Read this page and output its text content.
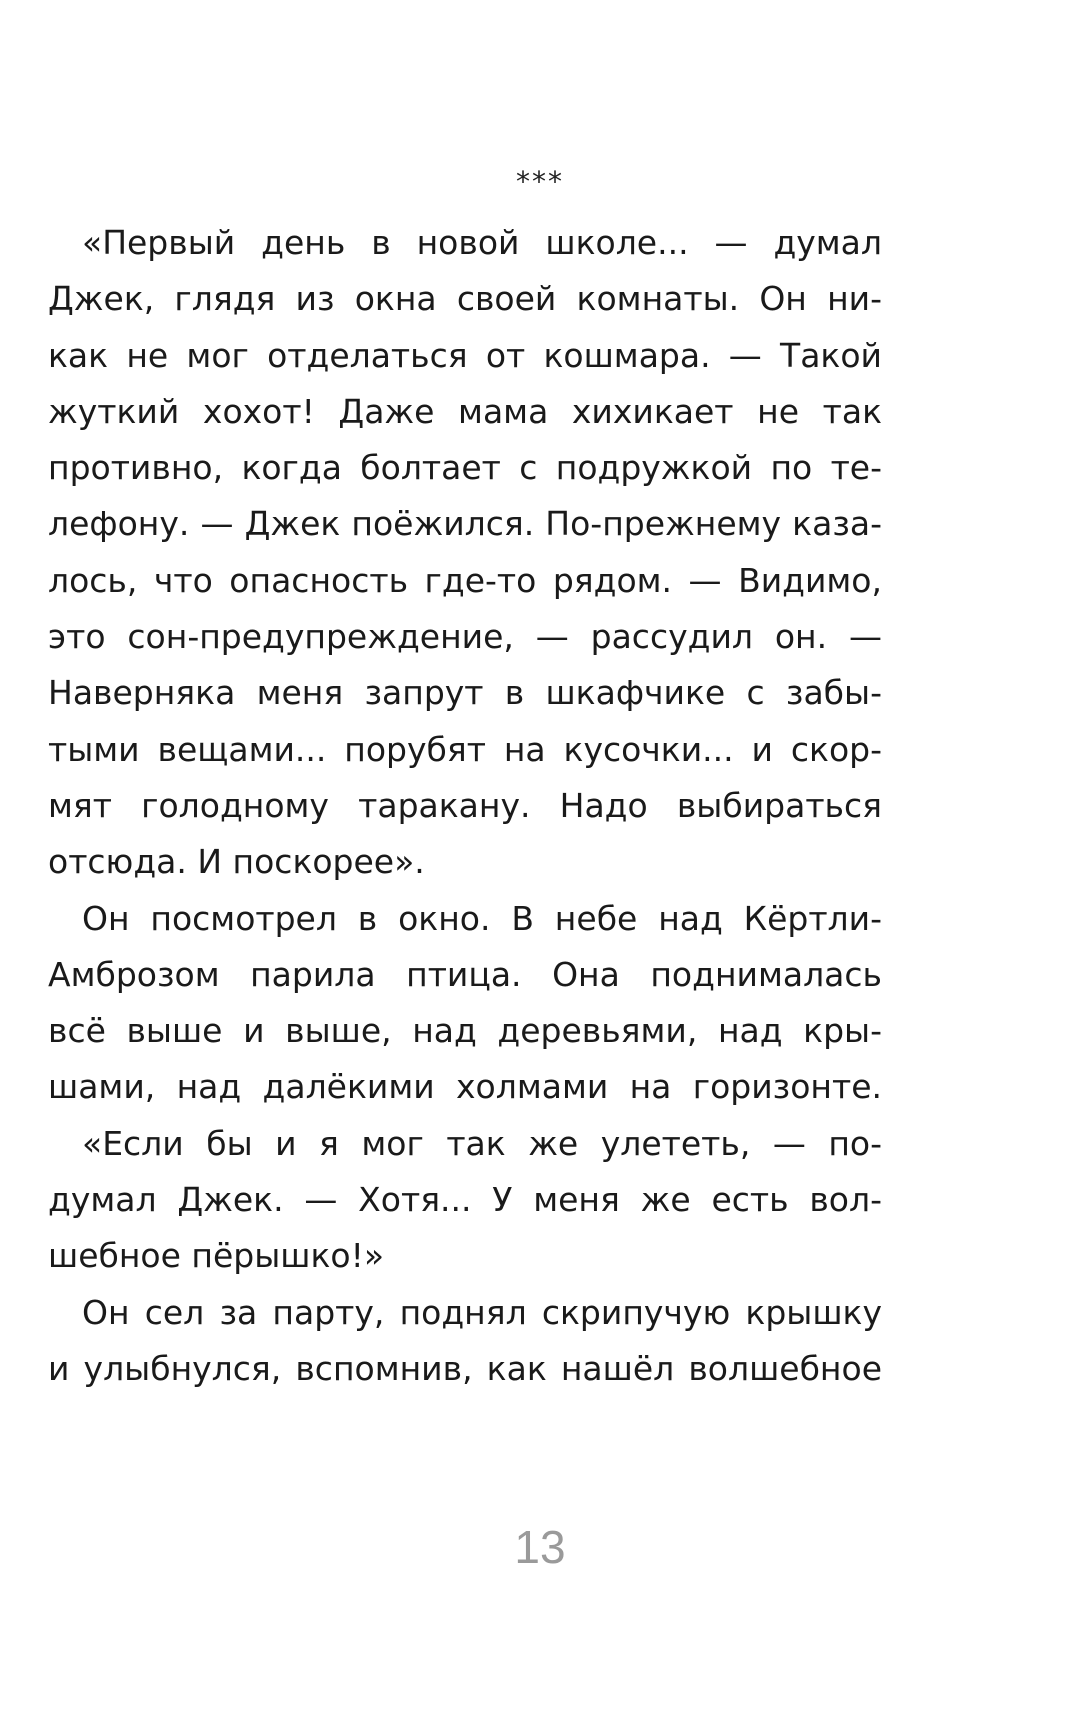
***
«Первый день в новой школе... — думал
Джек, глядя из окна своей комнаты. Он ни-
как не мог отделаться от кошмара. — Такой
жуткий хохот! Даже мама хихикает не так
противно, когда болтает с подружкой по те-
лефону. — Джек поёжился. По-прежнему каза-
лось, что опасность где-то рядом. — Видимо,
это сон-предупреждение, — рассудил он. —
Наверняка меня запрут в шкафчике с забы-
тыми вещами... порубят на кусочки... и скор-
мят голодному таракану. Надо выбираться
отсюда. И поскорее».
Он посмотрел в окно. В небе над Кёртли-
Амброзом парила птица. Она поднималась
всё выше и выше, над деревьями, над кры-
шами, над далёкими холмами на горизонте.
«Если бы и я мог так же улететь, — по-
думал Джек. — Хотя... У меня же есть вол-
шебное пёрышко!»
Он сел за парту, поднял скрипучую крышку
и улыбнулся, вспомнив, как нашёл волшебное
13
